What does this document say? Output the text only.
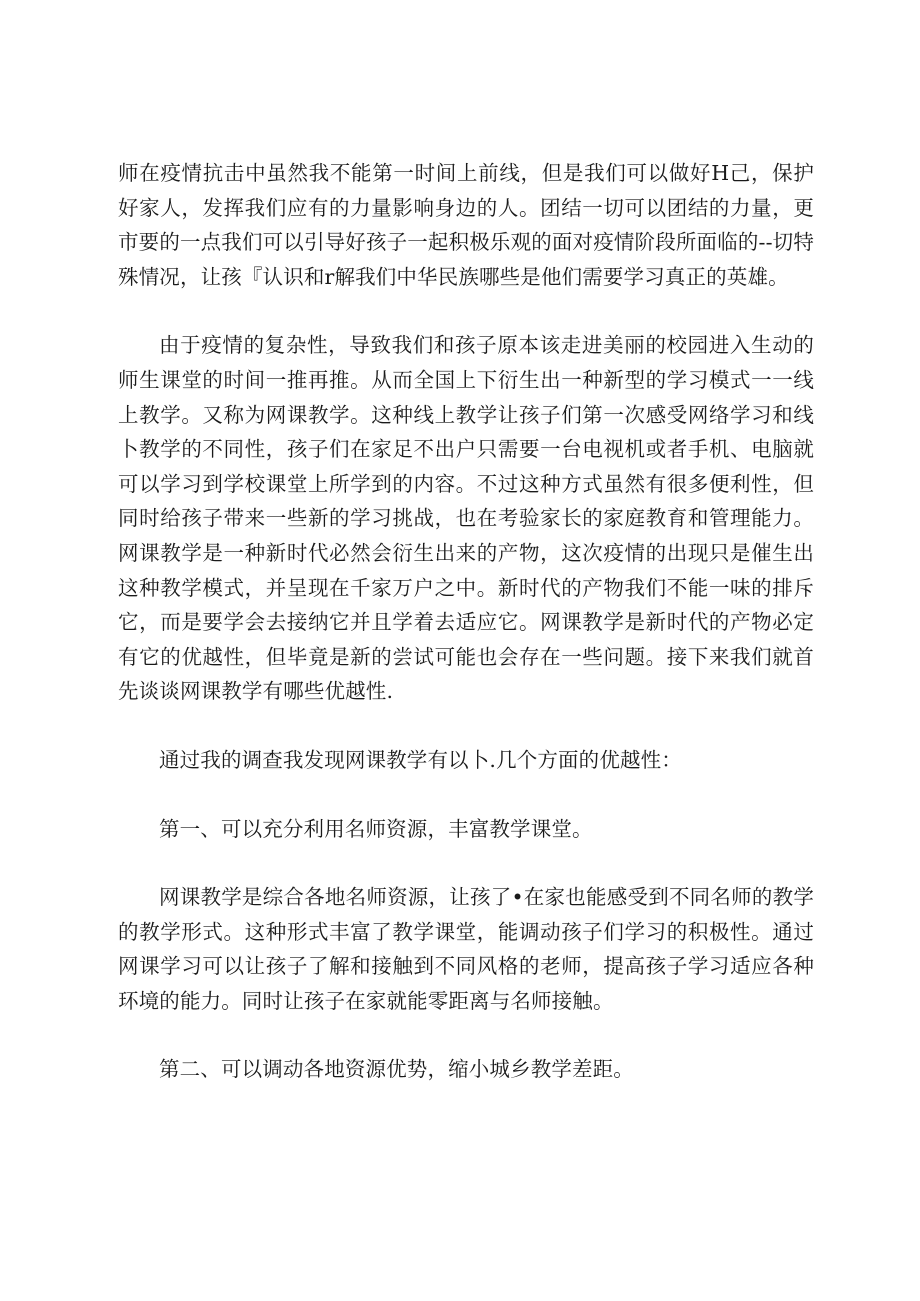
师在疫情抗击中虽然我不能第一时间上前线，但是我们可以做好H己，保护好家人，发挥我们应有的力量影响身边的人。团结一切可以团结的力量，更市要的一点我们可以引导好孩子一起积极乐观的面对疫情阶段所面临的--切特殊情况，让孩『认识和r解我们中华民族哪些是他们需要学习真正的英雄。

由于疫情的复杂性，导致我们和孩子原本该走进美丽的校园进入生动的师生课堂的时间一推再推。从而全国上下衍生出一种新型的学习模式一一线上教学。又称为网课教学。这种线上教学让孩子们第一次感受网络学习和线卜教学的不同性，孩子们在家足不出户只需要一台电视机或者手机、电脑就可以学习到学校课堂上所学到的内容。不过这种方式虽然有很多便利性，但同时给孩子带来一些新的学习挑战，也在考验家长的家庭教育和管理能力。网课教学是一种新时代必然会衍生出来的产物，这次疫情的出现只是催生出这种教学模式，并呈现在千家万户之中。新时代的产物我们不能一味的排斥它，而是要学会去接纳它并且学着去适应它。网课教学是新时代的产物必定有它的优越性，但毕竟是新的尝试可能也会存在一些问题。接下来我们就首先谈谈网课教学有哪些优越性.

通过我的调查我发现网课教学有以卜.几个方面的优越性：

第一、可以充分利用名师资源，丰富教学课堂。

网课教学是综合各地名师资源，让孩了•在家也能感受到不同名师的教学的教学形式。这种形式丰富了教学课堂，能调动孩子们学习的积极性。通过网课学习可以让孩子了解和接触到不同风格的老师，提高孩子学习适应各种环境的能力。同时让孩子在家就能零距离与名师接触。

第二、可以调动各地资源优势，缩小城乡教学差距。
